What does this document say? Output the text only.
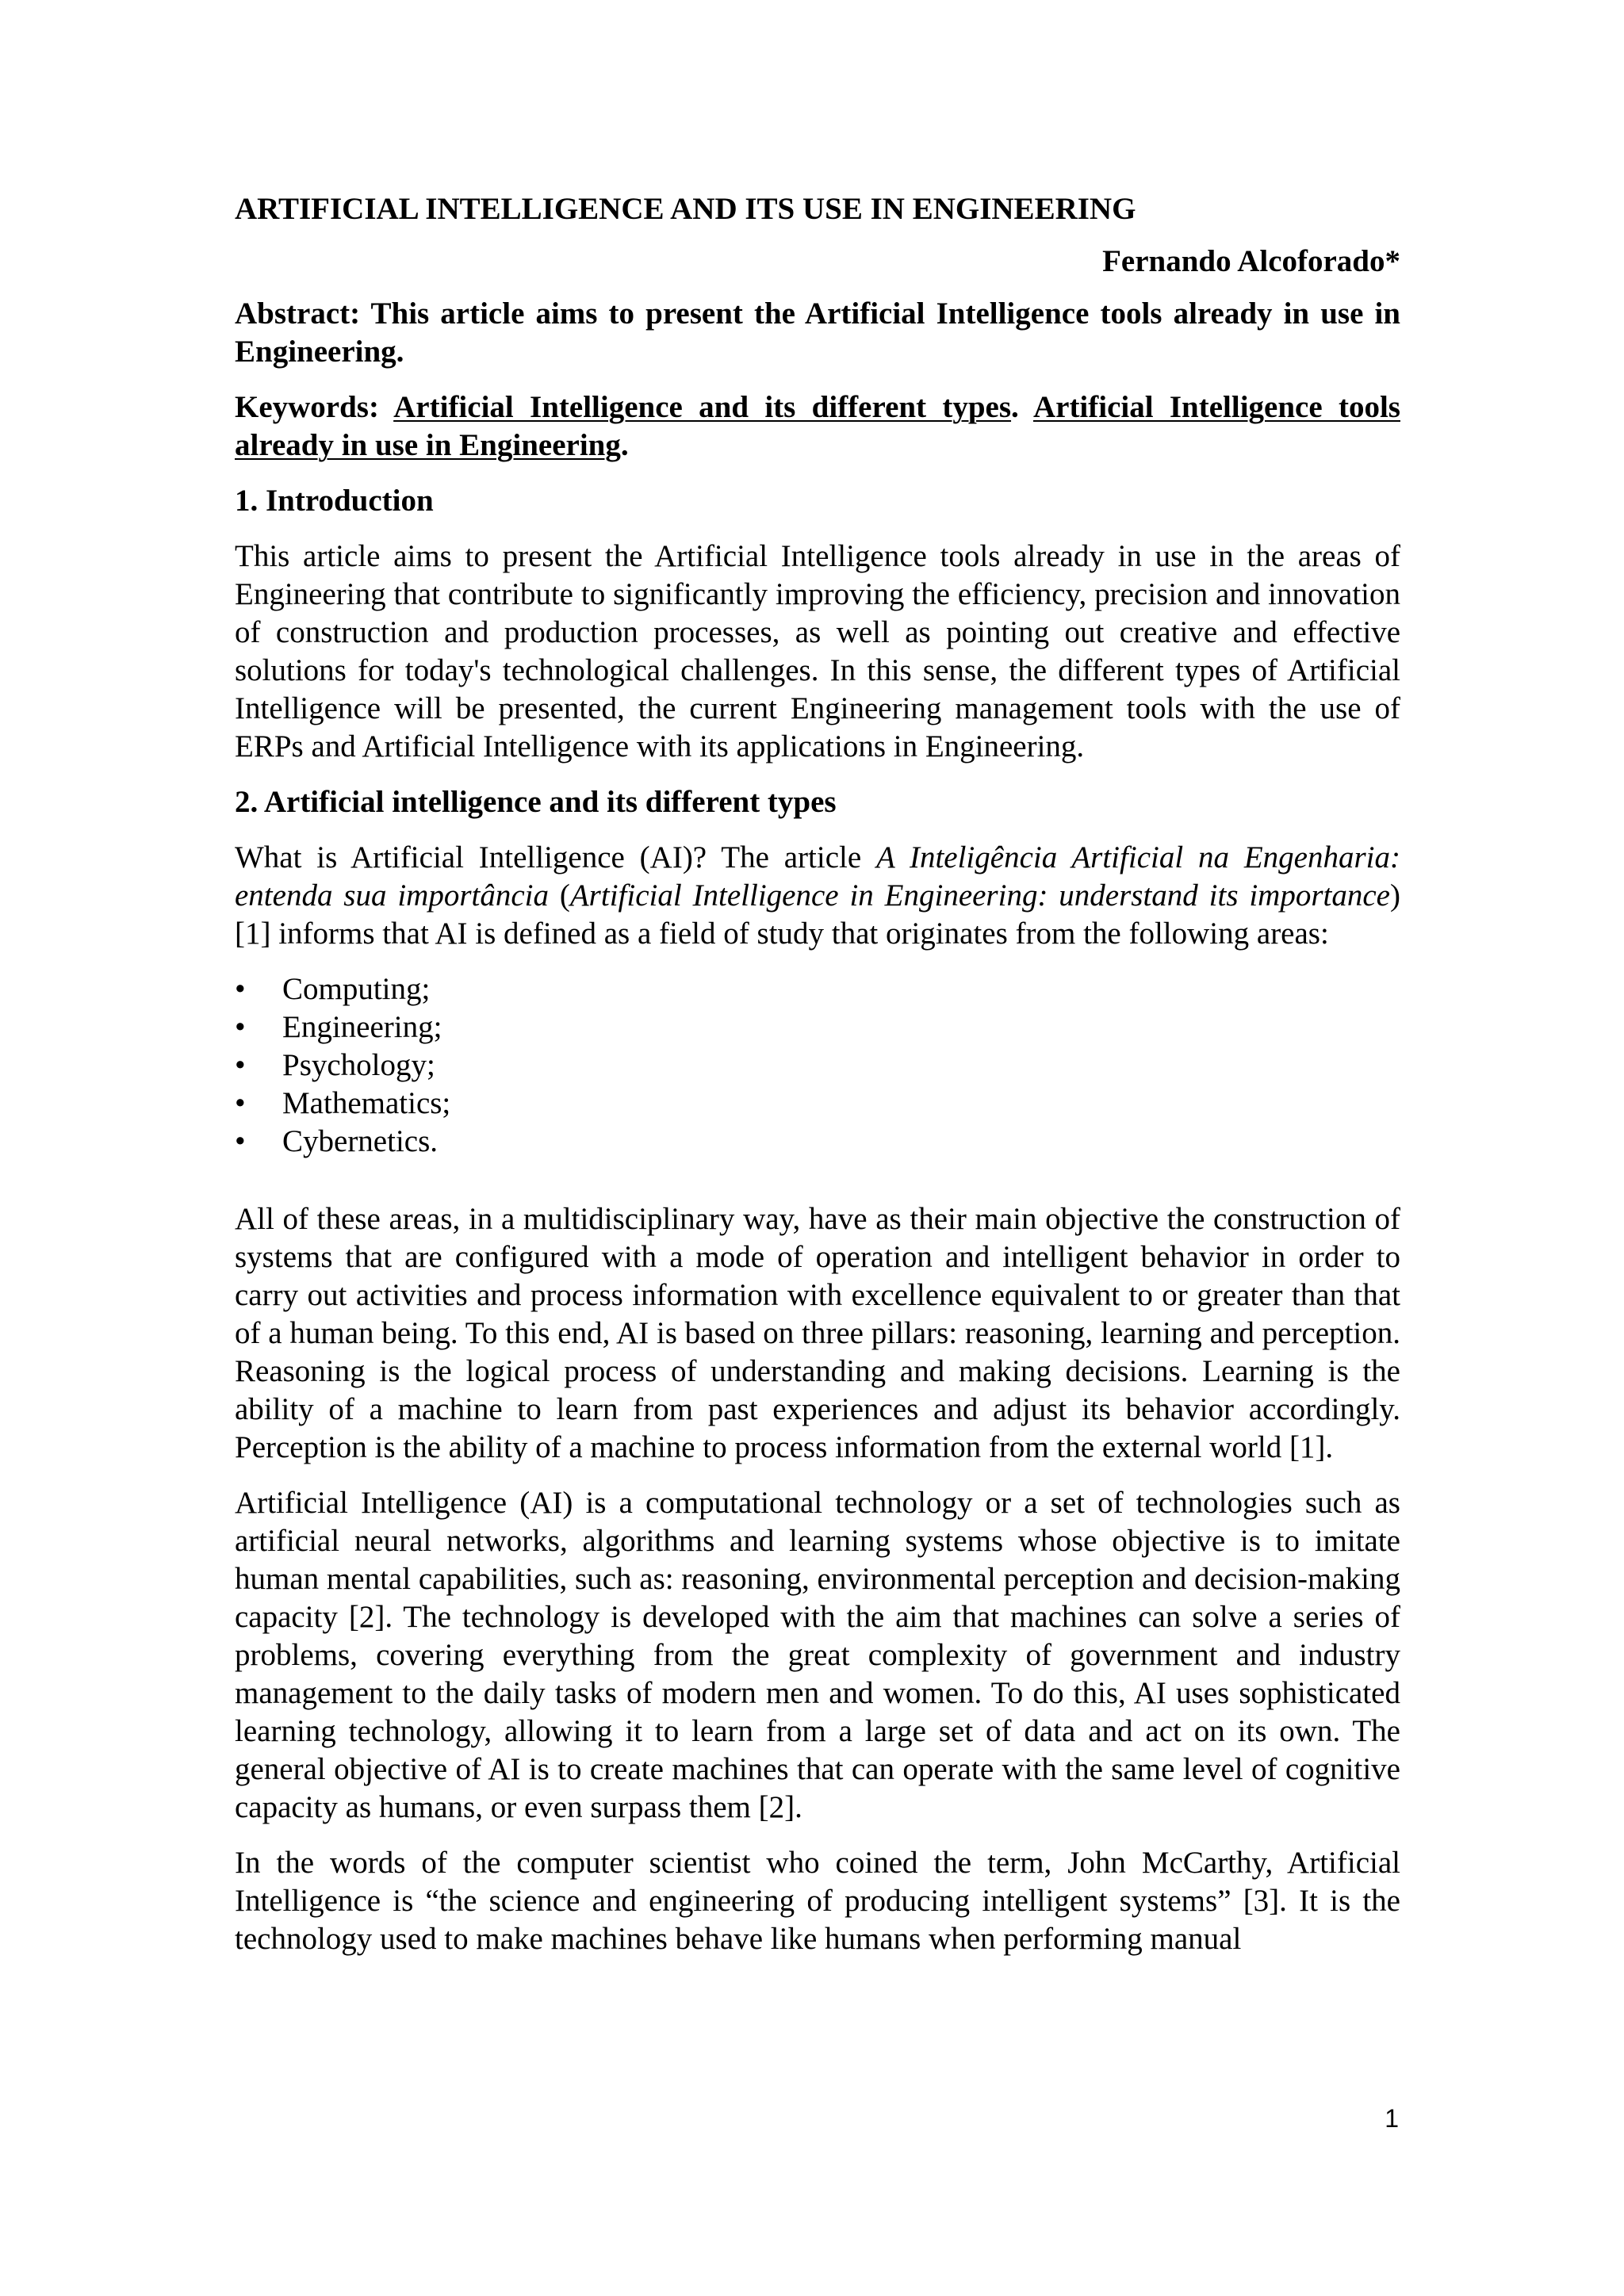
ARTIFICIAL INTELLIGENCE AND ITS USE IN ENGINEERING
Fernando Alcoforado*
Abstract: This article aims to present the Artificial Intelligence tools already in use in Engineering.
Keywords: Artificial Intelligence and its different types. Artificial Intelligence tools already in use in Engineering.
1. Introduction

This article aims to present the Artificial Intelligence tools already in use in the areas of Engineering that contribute to significantly improving the efficiency, precision and innovation of construction and production processes, as well as pointing out creative and effective solutions for today's technological challenges. In this sense, the different types of Artificial Intelligence will be presented, the current Engineering management tools with the use of ERPs and Artificial Intelligence with its applications in Engineering.

2. Artificial intelligence and its different types

What is Artificial Intelligence (AI)? The article A Inteligência Artificial na Engenharia: entenda sua importância (Artificial Intelligence in Engineering: understand its importance) [1] informs that AI is defined as a field of study that originates from the following areas:

• Computing;
• Engineering;
• Psychology;
• Mathematics;
• Cybernetics.

All of these areas, in a multidisciplinary way, have as their main objective the construction of systems that are configured with a mode of operation and intelligent behavior in order to carry out activities and process information with excellence equivalent to or greater than that of a human being. To this end, AI is based on three pillars: reasoning, learning and perception. Reasoning is the logical process of understanding and making decisions. Learning is the ability of a machine to learn from past experiences and adjust its behavior accordingly. Perception is the ability of a machine to process information from the external world [1].

Artificial Intelligence (AI) is a computational technology or a set of technologies such as artificial neural networks, algorithms and learning systems whose objective is to imitate human mental capabilities, such as: reasoning, environmental perception and decision-making capacity [2]. The technology is developed with the aim that machines can solve a series of problems, covering everything from the great complexity of government and industry management to the daily tasks of modern men and women. To do this, AI uses sophisticated learning technology, allowing it to learn from a large set of data and act on its own. The general objective of AI is to create machines that can operate with the same level of cognitive capacity as humans, or even surpass them [2].

In the words of the computer scientist who coined the term, John McCarthy, Artificial Intelligence is “the science and engineering of producing intelligent systems” [3]. It is the technology used to make machines behave like humans when performing manual

1
